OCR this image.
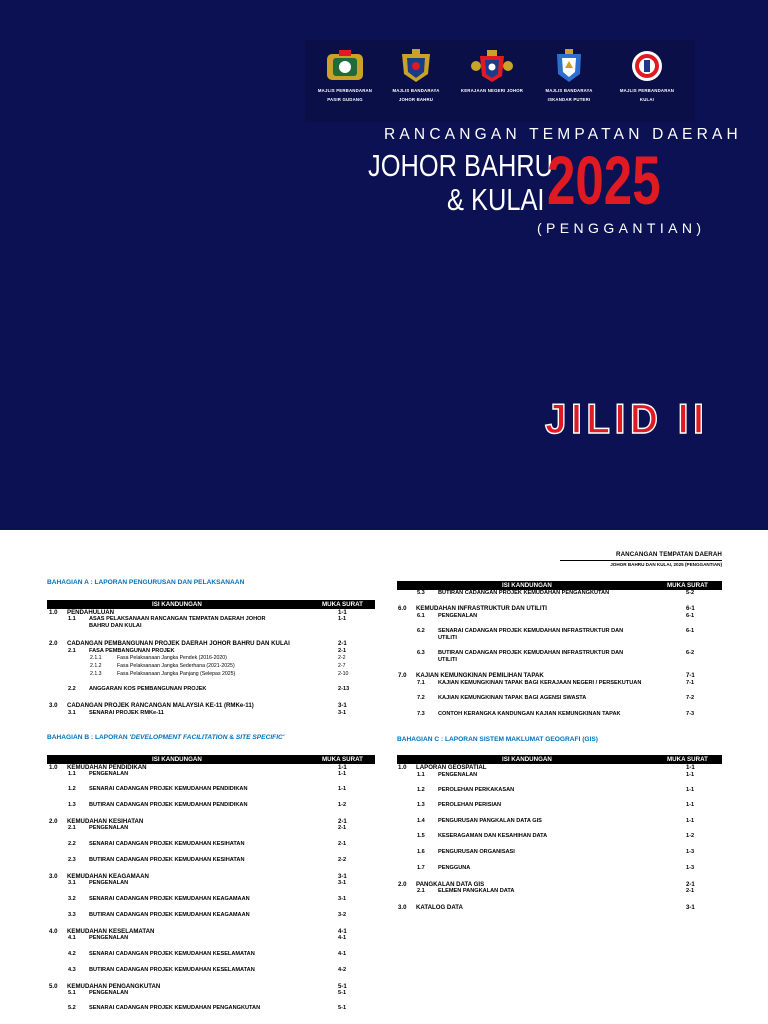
MAJLIS PERBANDARAN
PASIR GUDANG
MAJLIS BANDARAYA
JOHOR BAHRU
KERAJAAN NEGERI JOHOR	MAJLIS BANDARAYA
ISKANDAR PUTERI
MAJLIS PERBANDARAN
KULAI
RANCANGAN TEMPATAN DAERAH
JOHOR BAHRU
& KULAI 2025
(PENGGANTIAN)
JILID II
RANCANGAN TEMPATAN DAERAH
JOHOR BAHRU DAN KULAI, 2025 (PENGGANTIAN)
BAHAGIAN A : LAPORAN PENGURUSAN DAN PELAKSANAAN
BAHAGIAN B : LAPORAN 'DEVELOPMENT FACILITATION & SITE SPECIFIC'	BAHAGIAN C : LAPORAN SISTEM MAKLUMAT GEOGRAFI (GIS)
ISI KANDUNGAN	MUKA SURAT
ISI KANDUNGAN	MUKA SURAT
ISI KANDUNGAN	MUKA SURAT
ISI KANDUNGAN	MUKA SURAT
1.0 PENDAHULUAN	1-1
1.1 ASAS PELAKSANAAN RANCANGAN TEMPATAN DAERAH JOHOR
BAHRU DAN KULAI
1-1
2.0 CADANGAN PEMBANGUNAN PROJEK DAERAH JOHOR BAHRU DAN KULAI	2-1
2.1 FASA PEMBANGUNAN PROJEK	2-1
2.1.1	Fasa Pelaksanaan Jangka Pendek (2016-2020)	2-2
2.1.2	Fasa Pelaksanaan Jangka Sederhana (2021-2025)	2-7
2.1.3	Fasa Pelaksanaan Jangka Panjang (Selepas 2025)	2-10
2.2 ANGGARAN KOS PEMBANGUNAN PROJEK	2-13
3.0 CADANGAN PROJEK RANCANGAN MALAYSIA KE-11 (RMKe-11)	3-1
3.1 SENARAI PROJEK RMKe-11	3-1
1.0 KEMUDAHAN PENDIDIKAN	1-1
1.1 PENGENALAN	1-1
1.2 SENARAI CADANGAN PROJEK KEMUDAHAN PENDIDIKAN	1-1
1.3 BUTIRAN CADANGAN PROJEK KEMUDAHAN PENDIDIKAN	1-2
2.0 KEMUDAHAN KESIHATAN	2-1
2.1 PENGENALAN	2-1
2.2 SENARAI CADANGAN PROJEK KEMUDAHAN KESIHATAN	2-1
2.3 BUTIRAN CADANGAN PROJEK KEMUDAHAN KESIHATAN	2-2
3.0 KEMUDAHAN KEAGAMAAN	3-1
3.1 PENGENALAN	3-1
3.2 SENARAI CADANGAN PROJEK KEMUDAHAN KEAGAMAAN	3-1
3.3 BUTIRAN CADANGAN PROJEK KEMUDAHAN KEAGAMAAN	3-2
4.0 KEMUDAHAN KESELAMATAN	4-1
4.1 PENGENALAN	4-1
4.2 SENARAI CADANGAN PROJEK KEMUDAHAN KESELAMATAN	4-1
4.3 BUTIRAN CADANGAN PROJEK KEMUDAHAN KESELAMATAN	4-2
5.0 KEMUDAHAN PENGANGKUTAN	5-1
5.1 PENGENALAN	5-1
5.2 SENARAI CADANGAN PROJEK KEMUDAHAN PENGANGKUTAN	5-1
5.3 BUTIRAN CADANGAN PROJEK KEMUDAHAN PENGANGKUTAN	5-2
6.0 KEMUDAHAN INFRASTRUKTUR DAN UTILITI	6-1
6.1 PENGENALAN	6-1
6.2 SENARAI CADANGAN PROJEK KEMUDAHAN INFRASTRUKTUR DAN
UTILITI
6-1
6.3 BUTIRAN CADANGAN PROJEK KEMUDAHAN INFRASTRUKTUR DAN
UTILITI
6-2
7.0 KAJIAN KEMUNGKINAN PEMILIHAN TAPAK	7-1
7.1 KAJIAN KEMUNGKINAN TAPAK BAGI KERAJAAN NEGERI / PERSEKUTUAN	7-1
7.2 KAJIAN KEMUNGKINAN TAPAK BAGI AGENSI SWASTA	7-2
7.3 CONTOH KERANGKA KANDUNGAN KAJIAN KEMUNGKINAN TAPAK	7-3
1.0 LAPORAN GEOSPATIAL	1-1
1.1 PENGENALAN	1-1
1.2 PEROLEHAN PERKAKASAN	1-1
1.3 PEROLEHAN PERISIAN	1-1
1.4 PENGURUSAN PANGKALAN DATA GIS	1-1
1.5 KESERAGAMAN DAN KESAHIHAN DATA	1-2
1.6 PENGURUSAN ORGANISASI	1-3
1.7 PENGGUNA	1-3
2.0 PANGKALAN DATA GIS	2-1
2.1 ELEMEN PANGKALAN DATA	2-1
3.0 KATALOG DATA	3-1
